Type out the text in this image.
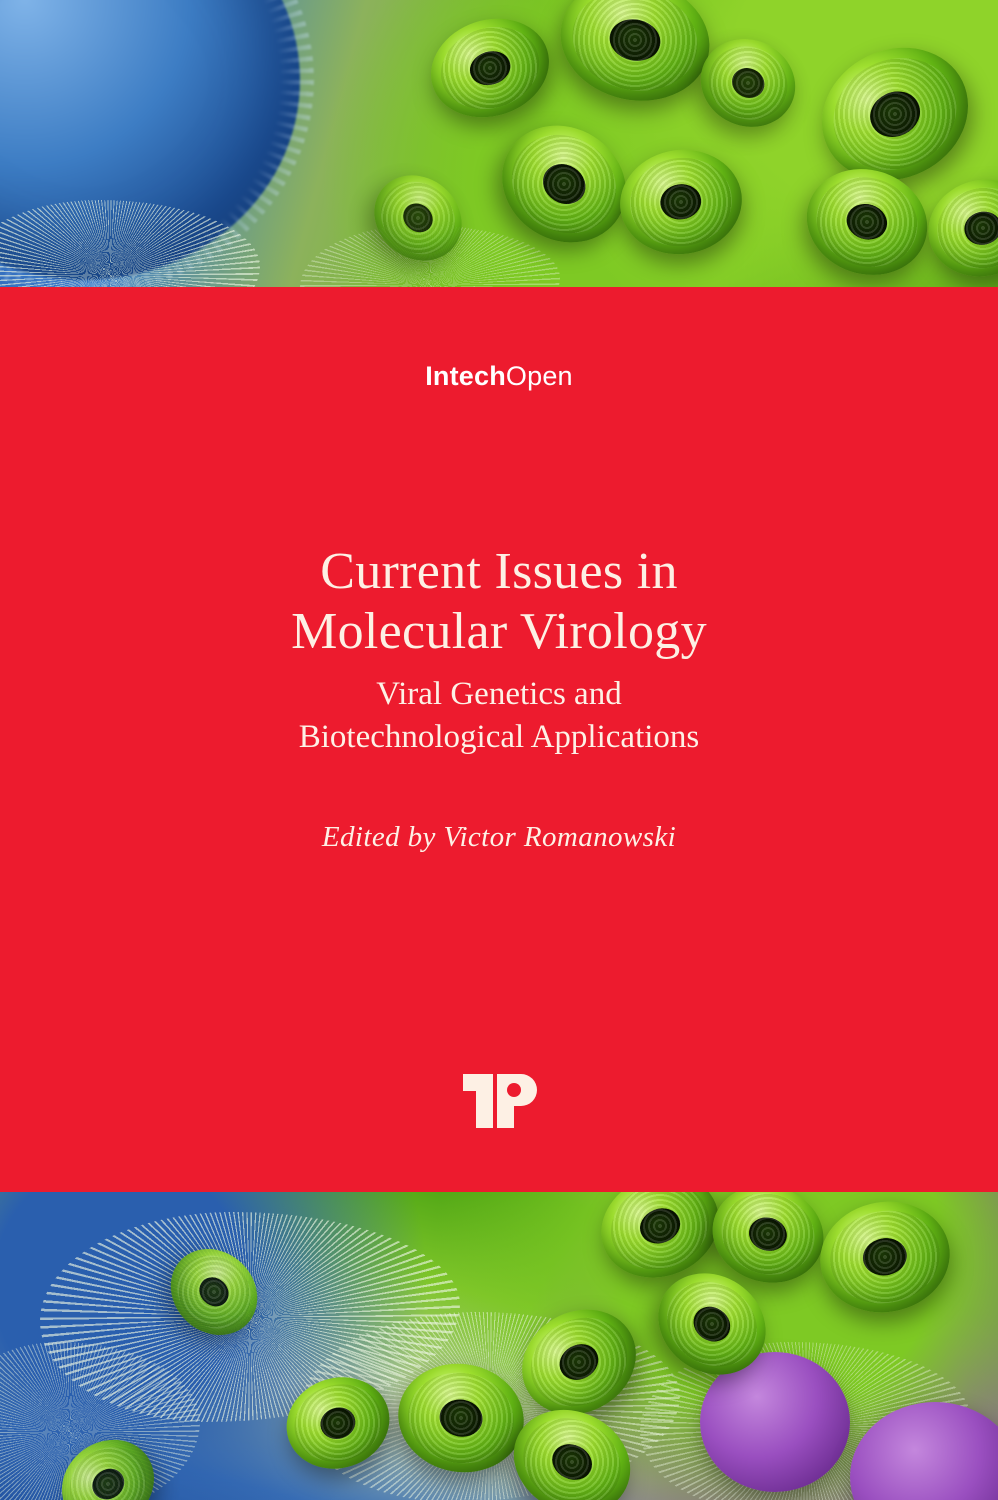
IntechOpen
Current Issues in
Molecular Virology
Viral Genetics and
Biotechnological Applications
Edited by Victor Romanowski
